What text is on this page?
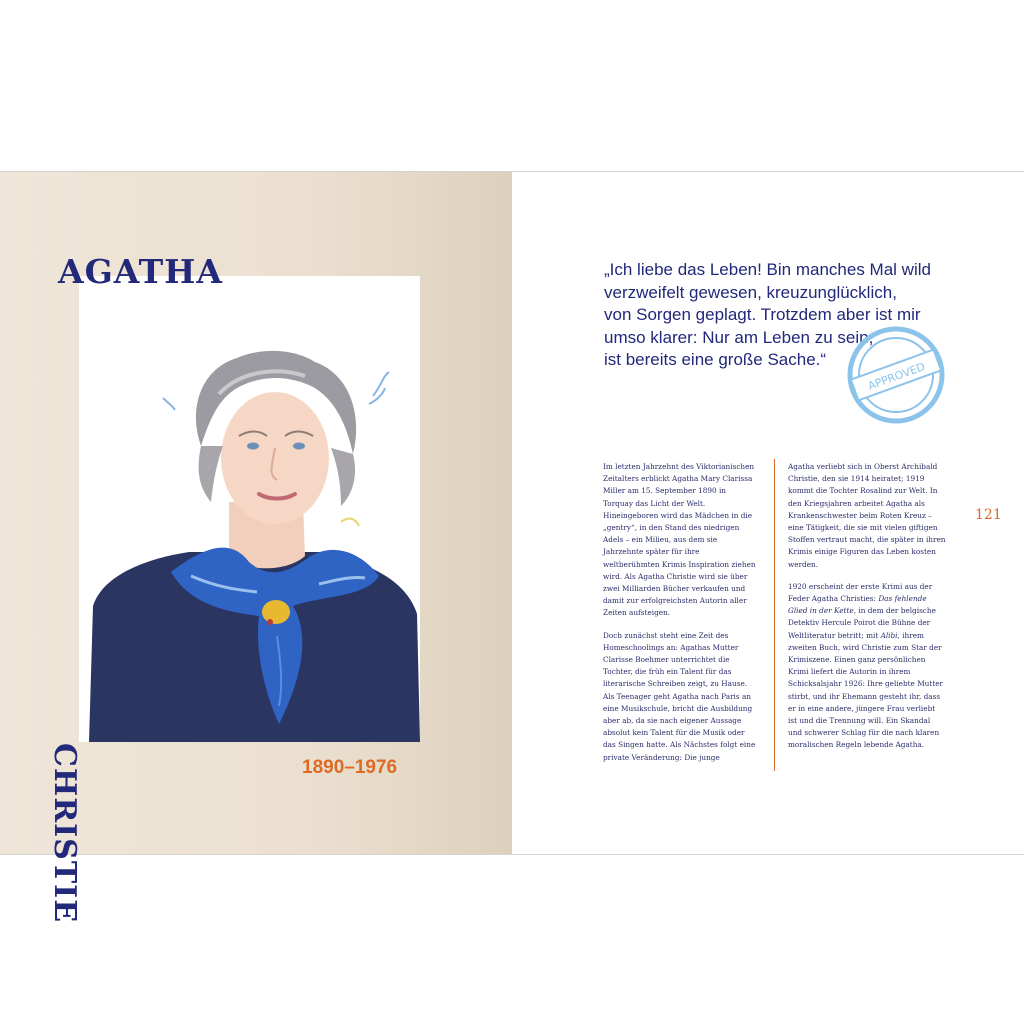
AGATHA
CHRISTIE	1890–1976
„Ich liebe das Leben! Bin manches Mal wild
verzweifelt gewesen, kreuzunglücklich,
von Sorgen geplagt. Trotzdem aber ist mir
umso klarer: Nur am Leben zu sein,
ist bereits eine große Sache.“
APPROVED

Im letzten Jahrzehnt des Viktorianischen Zeitalters erblickt Agatha Mary Clarissa Miller am 15. September 1890 in Torquay das Licht der Welt. Hineingeboren wird das Mädchen in die „gentry“, in den Stand des niedrigen Adels – ein Milieu, aus dem sie Jahrzehnte später für ihre weltberühmten Krimis Inspiration ziehen wird. Als Agatha Christie wird sie über zwei Milliarden Bücher verkaufen und damit zur erfolgreichsten Autorin aller Zeiten aufsteigen.

Doch zunächst steht eine Zeit des Homeschoolings an: Agathas Mutter Clarisse Boehmer unterrichtet die Tochter, die früh ein Talent für das literarische Schreiben zeigt, zu Hause. Als Teenager geht Agatha nach Paris an eine Musikschule, bricht die Ausbildung aber ab, da sie nach eigener Aussage absolut kein Talent für die Musik oder das Singen hatte. Als Nächstes folgt eine private Veränderung: Die junge

Agatha verliebt sich in Oberst Archibald Christie, den sie 1914 heiratet; 1919 kommt die Tochter Rosalind zur Welt. In den Kriegsjahren arbeitet Agatha als Krankenschwester beim Roten Kreuz – eine Tätigkeit, die sie mit vielen giftigen Stoffen vertraut macht, die später in ihren Krimis einige Figuren das Leben kosten werden.

1920 erscheint der erste Krimi aus der Feder Agatha Christies: Das fehlende Glied in der Kette, in dem der belgische Detektiv Hercule Poirot die Bühne der Weltliteratur betritt; mit Alibi, ihrem zweiten Buch, wird Christie zum Star der Krimiszene. Einen ganz persönlichen Krimi liefert die Autorin in ihrem Schicksalsjahr 1926: Ihre geliebte Mutter stirbt, und ihr Ehemann gesteht ihr, dass er in eine andere, jüngere Frau verliebt ist und die Trennung will. Ein Skandal und schwerer Schlag für die nach klaren moralischen Regeln lebende Agatha.

121
